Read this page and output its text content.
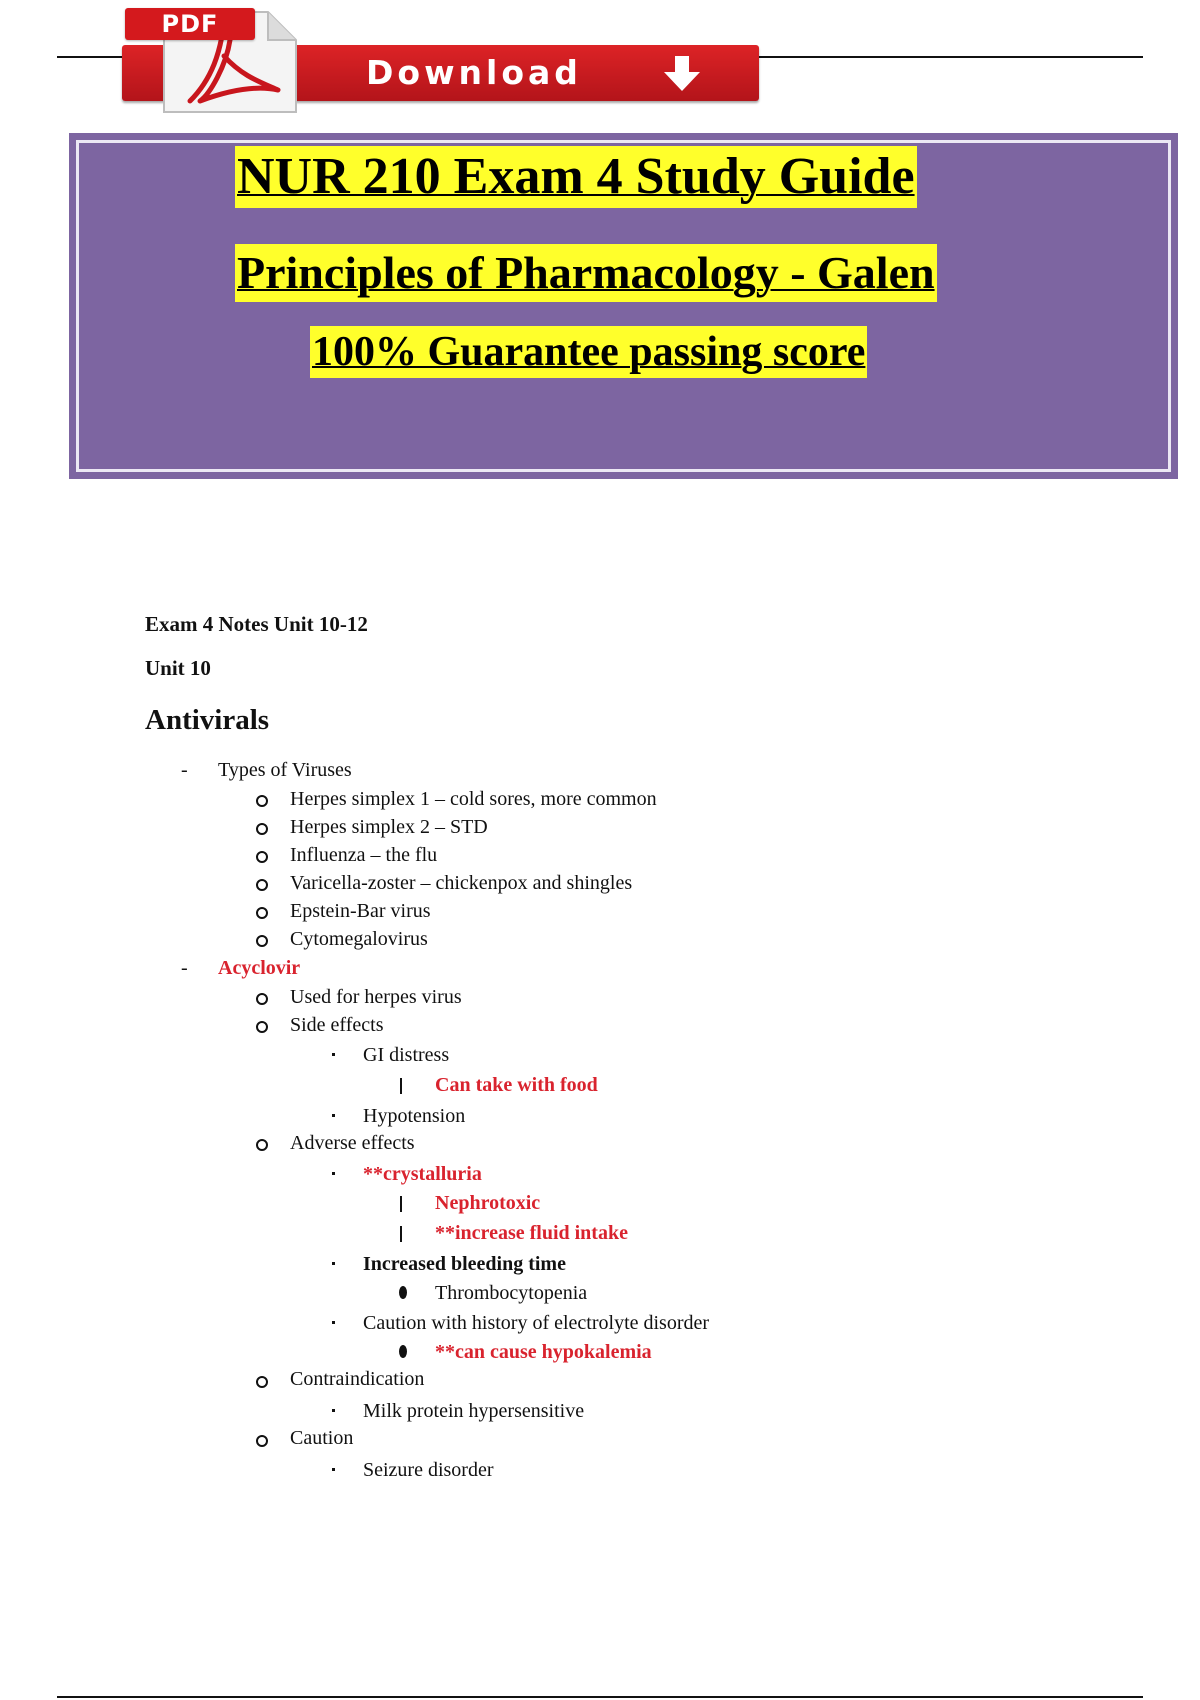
PDF
Download
NUR 210 Exam 4 Study Guide
Principles of Pharmacology - Galen
100% Guarantee passing score
Exam 4 Notes Unit 10-12
Unit 10
Antivirals
- Types of Viruses
Herpes simplex 1 – cold sores, more common
Herpes simplex 2 – STD
Influenza – the flu
Varicella-zoster – chickenpox and shingles
Epstein-Bar virus
Cytomegalovirus
- Acyclovir
Used for herpes virus
Side effects
GI distress
Can take with food
Hypotension
Adverse effects
**crystalluria
Nephrotoxic
**increase fluid intake
Increased bleeding time
Thrombocytopenia
Caution with history of electrolyte disorder
**can cause hypokalemia
Contraindication
Milk protein hypersensitive
Caution
Seizure disorder
